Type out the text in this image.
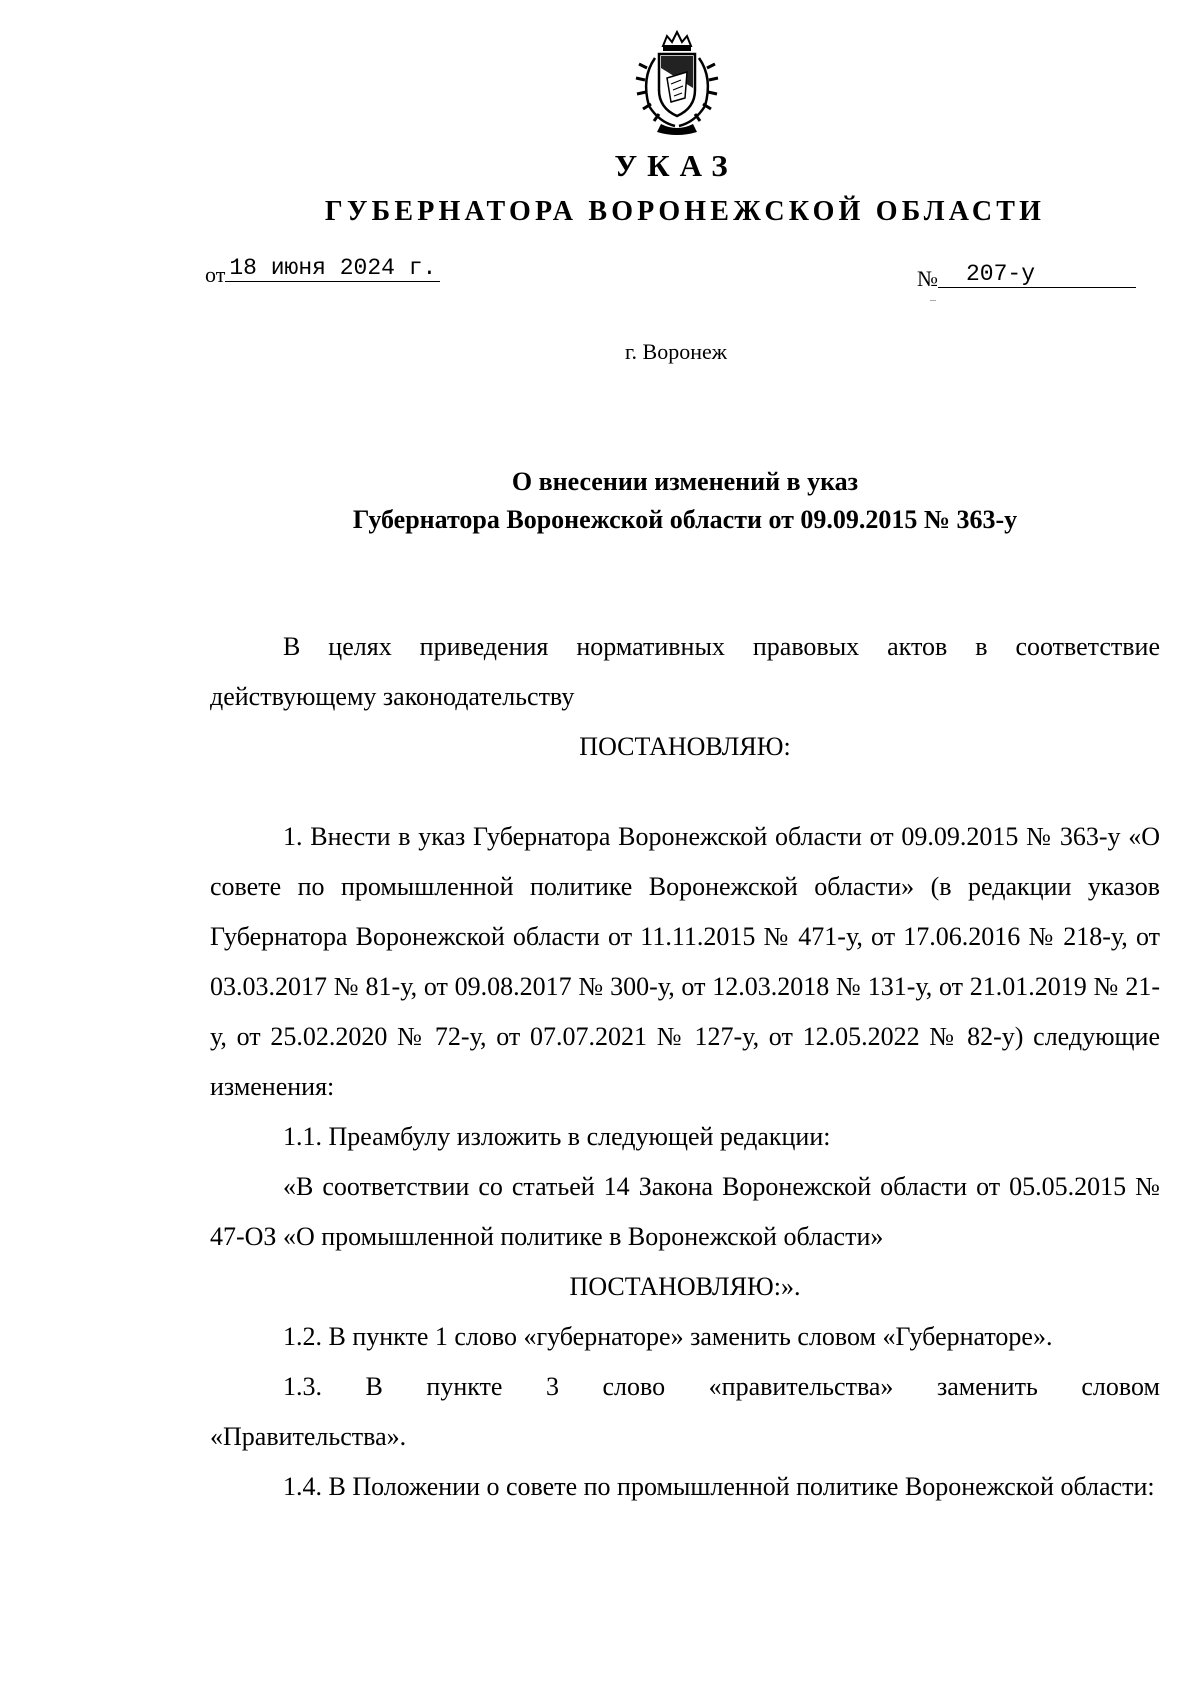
УКАЗ
ГУБЕРНАТОРА ВОРОНЕЖСКОЙ ОБЛАСТИ
от 18 июня 2024 г.	№ 207-у
г. Воронеж
О внесении изменений в указ
Губернатора Воронежской области от 09.09.2015 № 363-у

В целях приведения нормативных правовых актов в соответствие действующему законодательству

ПОСТАНОВЛЯЮ:

1. Внести в указ Губернатора Воронежской области от 09.09.2015 № 363-у «О совете по промышленной политике Воронежской области» (в редакции указов Губернатора Воронежской области от 11.11.2015 № 471-у, от 17.06.2016 № 218-у, от 03.03.2017 № 81-у, от 09.08.2017 № 300-у, от 12.03.2018 № 131-у, от 21.01.2019 № 21-у, от 25.02.2020 № 72-у, от 07.07.2021 № 127-у, от 12.05.2022 № 82-у) следующие изменения:

1.1. Преамбулу изложить в следующей редакции:

«В соответствии со статьей 14 Закона Воронежской области от 05.05.2015 № 47-ОЗ «О промышленной политике в Воронежской области»

ПОСТАНОВЛЯЮ:».

1.2. В пункте 1 слово «губернаторе» заменить словом «Губернаторе».

1.3. В пункте 3 слово «правительства» заменить словом

«Правительства».

1.4. В Положении о совете по промышленной политике Воронежской области:
